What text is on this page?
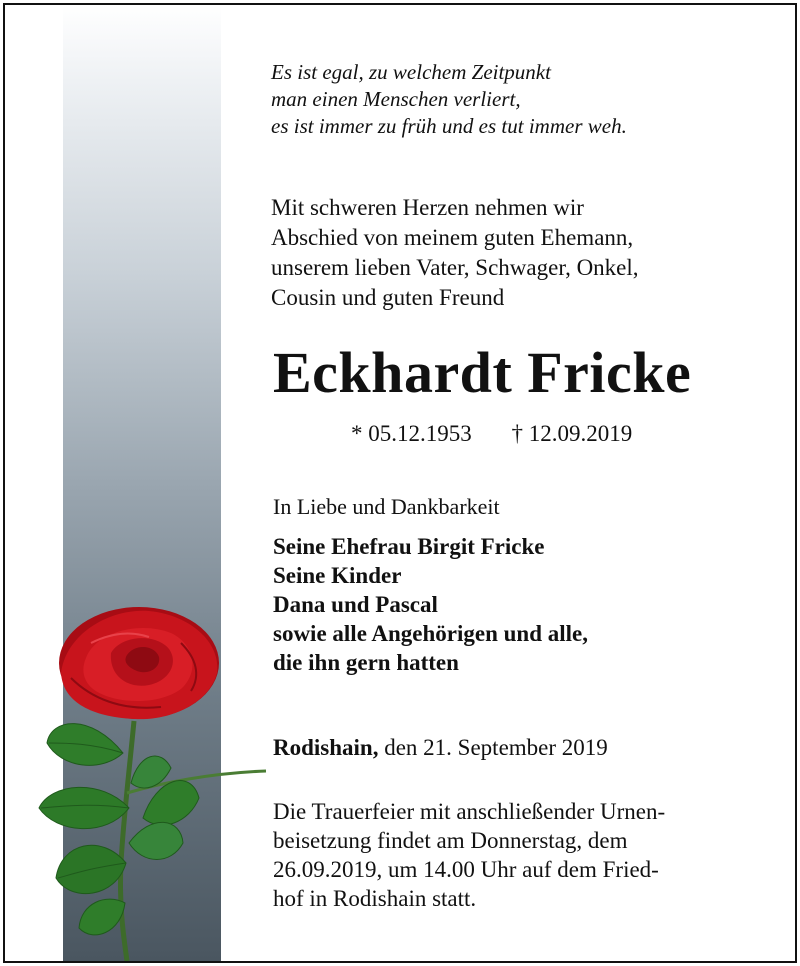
Es ist egal, zu welchem Zeitpunkt
man einen Menschen verliert,
es ist immer zu früh und es tut immer weh.
Mit schweren Herzen nehmen wir
Abschied von meinem guten Ehemann,
unserem lieben Vater, Schwager, Onkel,
Cousin und guten Freund
Eckhardt Fricke
* 05.12.1953 † 12.09.2019
In Liebe und Dankbarkeit
Seine Ehefrau Birgit Fricke
Seine Kinder
Dana und Pascal
sowie alle Angehörigen und alle,
die ihn gern hatten
Rodishain, den 21. September 2019
Die Trauerfeier mit anschließender Urnen-
beisetzung findet am Donnerstag, dem
26.09.2019, um 14.00 Uhr auf dem Fried-
hof in Rodishain statt.
